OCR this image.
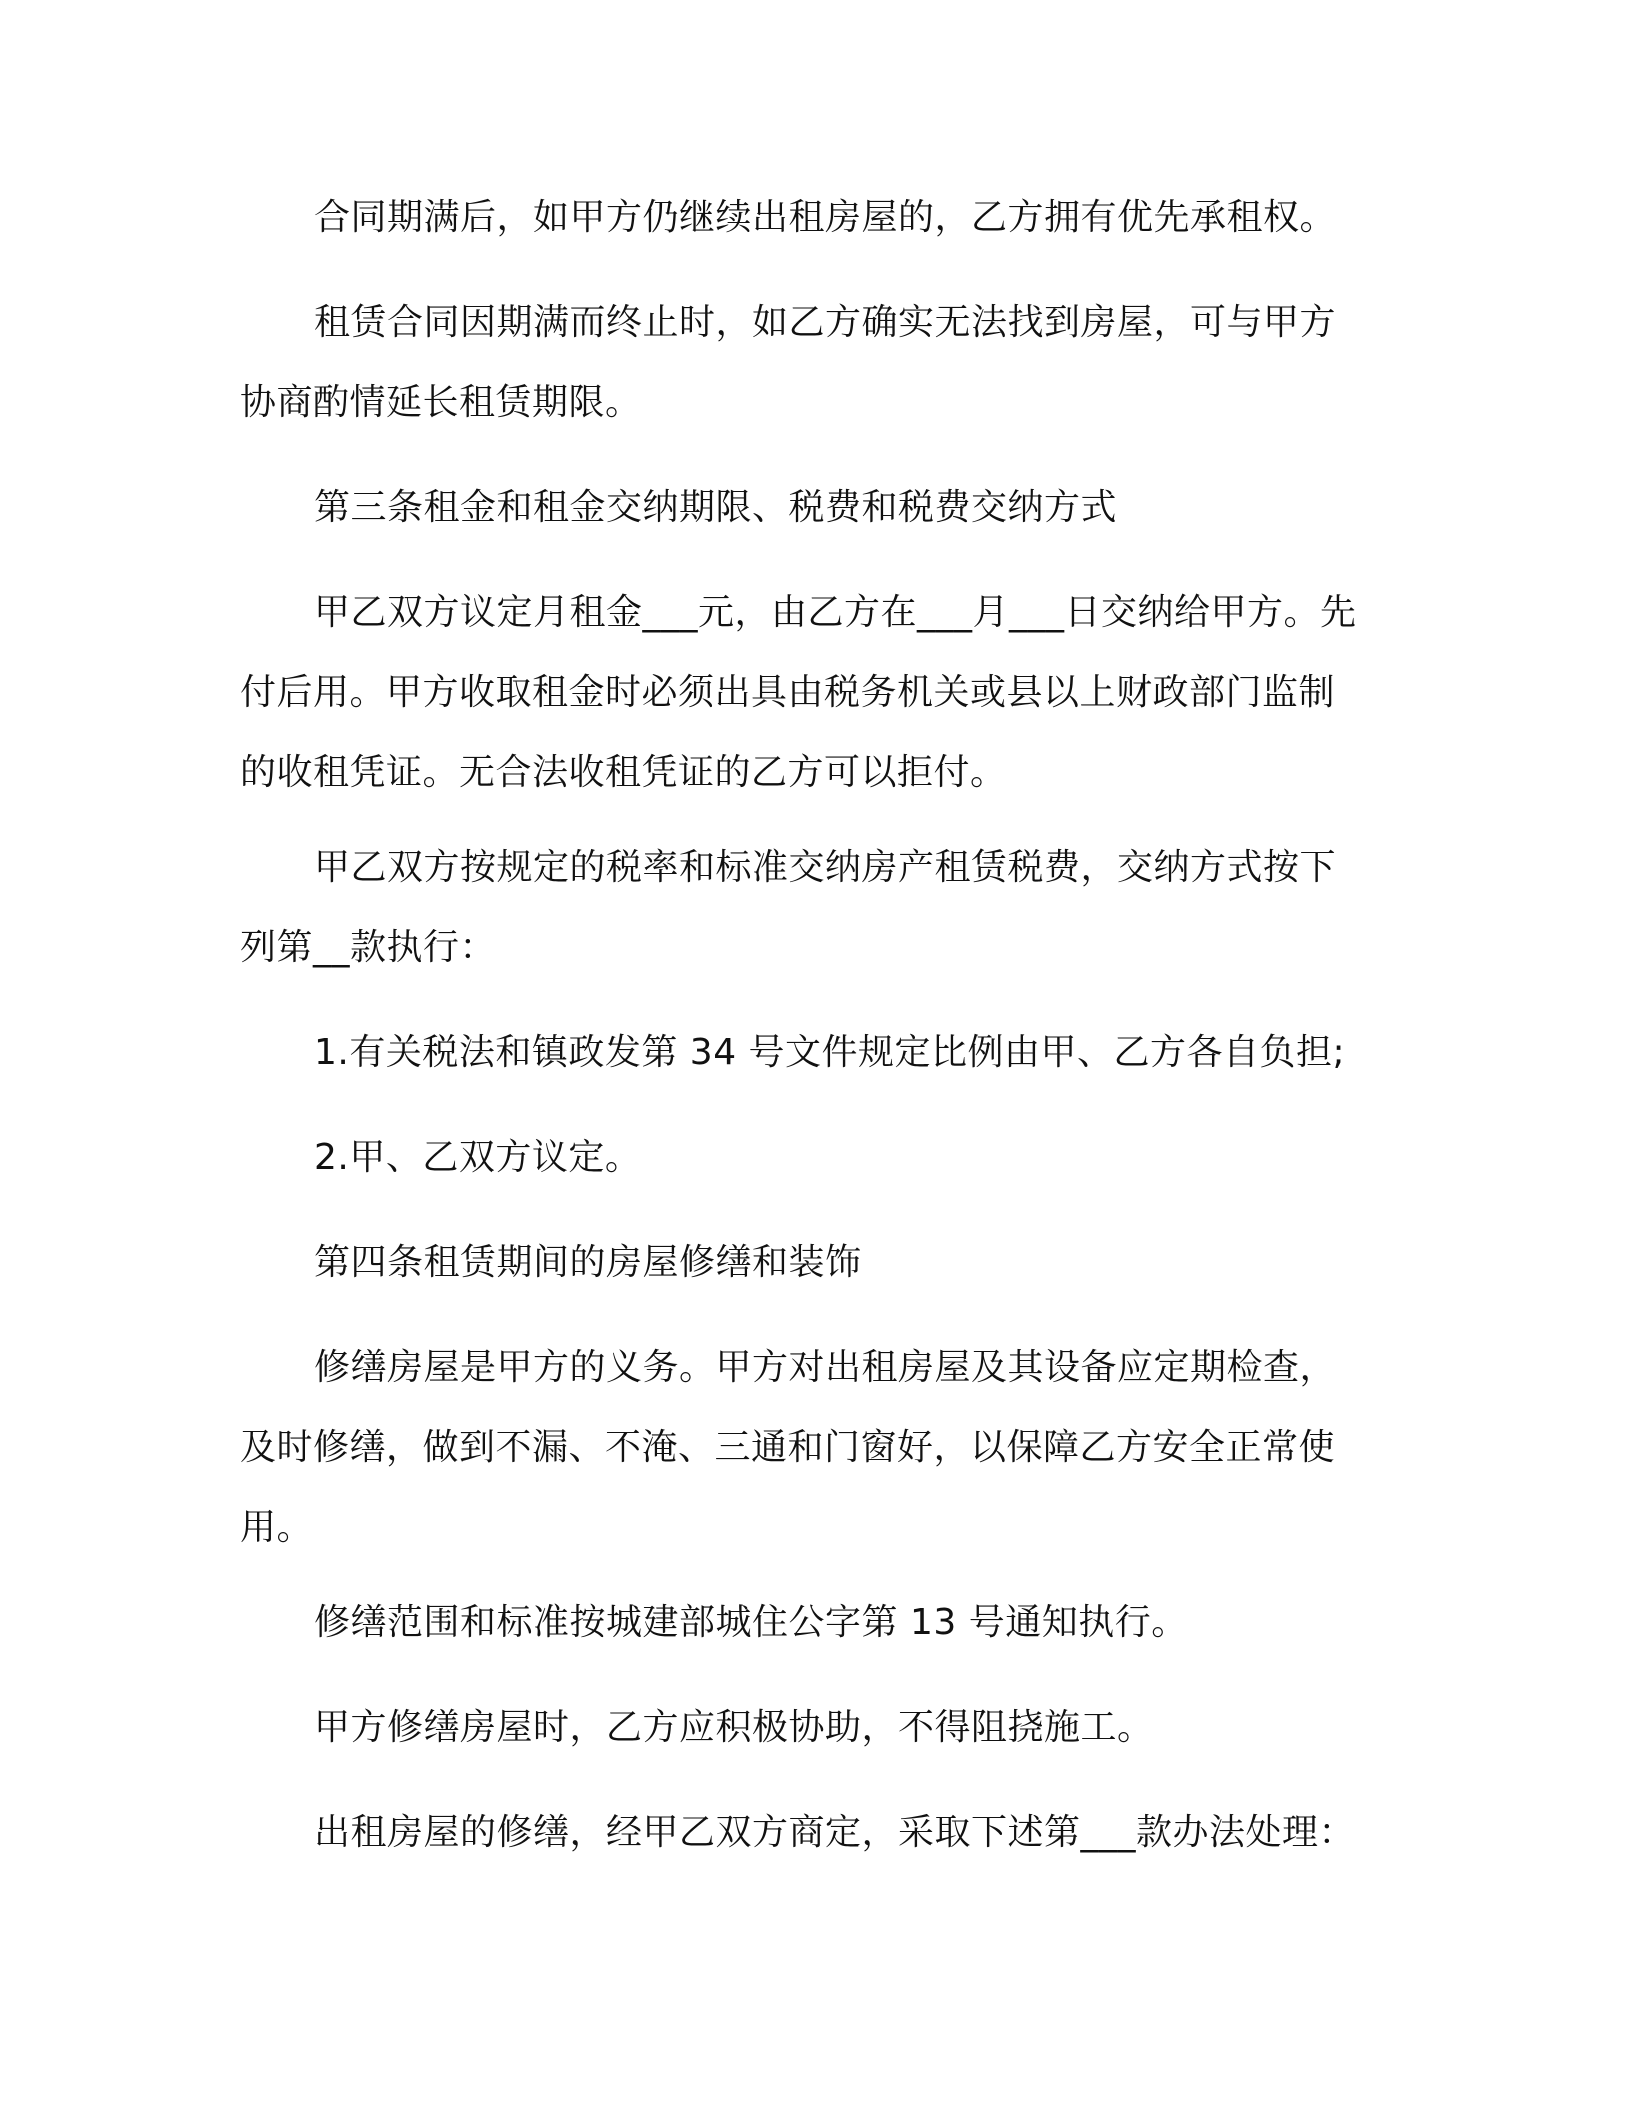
合同期满后，如甲方仍继续出租房屋的，乙方拥有优先承租权。

租赁合同因期满而终止时，如乙方确实无法找到房屋，可与甲方协商酌情延长租赁期限。

第三条租金和租金交纳期限、税费和税费交纳方式

甲乙双方议定月租金___元，由乙方在___月___日交纳给甲方。先付后用。甲方收取租金时必须出具由税务机关或县以上财政部门监制的收租凭证。无合法收租凭证的乙方可以拒付。

甲乙双方按规定的税率和标准交纳房产租赁税费，交纳方式按下列第__款执行：

1.有关税法和镇政发第 34 号文件规定比例由甲、乙方各自负担;

2.甲、乙双方议定。

第四条租赁期间的房屋修缮和装饰

修缮房屋是甲方的义务。甲方对出租房屋及其设备应定期检查，及时修缮，做到不漏、不淹、三通和门窗好，以保障乙方安全正常使用。

修缮范围和标准按城建部城住公字第 13 号通知执行。

甲方修缮房屋时，乙方应积极协助，不得阻挠施工。

出租房屋的修缮，经甲乙双方商定，采取下述第___款办法处理：
